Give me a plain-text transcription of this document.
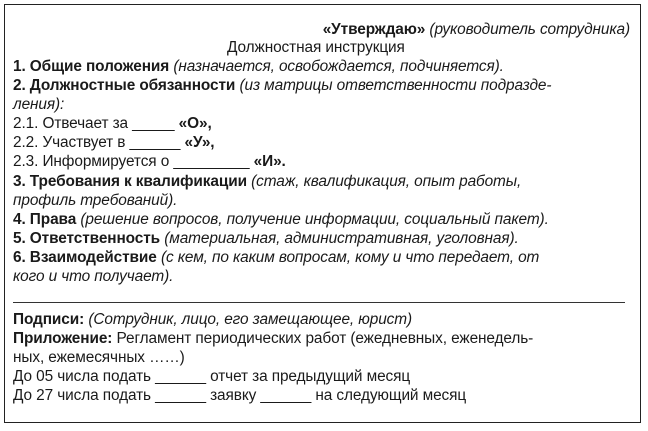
«Утверждаю» (руководитель сотрудника)
Должностная инструкция
1. Общие положения (назначается, освобождается, подчиняется).
2. Должностные обязанности (из матрицы ответственности подразде-
ления):
2.1. Отвечает за _____ «О»,
2.2. Участвует в ______ «У»,
2.3. Информируется о _________ «И».
3. Требования к квалификации (стаж, квалификация, опыт работы,
профиль требований).
4. Права (решение вопросов, получение информации, социальный пакет).
5. Ответственность (материальная, административная, уголовная).
6. Взаимодействие (с кем, по каким вопросам, кому и что передает, от
кого и что получает).
Подписи: (Сотрудник, лицо, его замещающее, юрист)
Приложение: Регламент периодических работ (ежедневных, еженедель-
ных, ежемесячных ……)
До 05 числа подать ______ отчет за предыдущий месяц
До 27 числа подать ______ заявку ______ на следующий месяц
